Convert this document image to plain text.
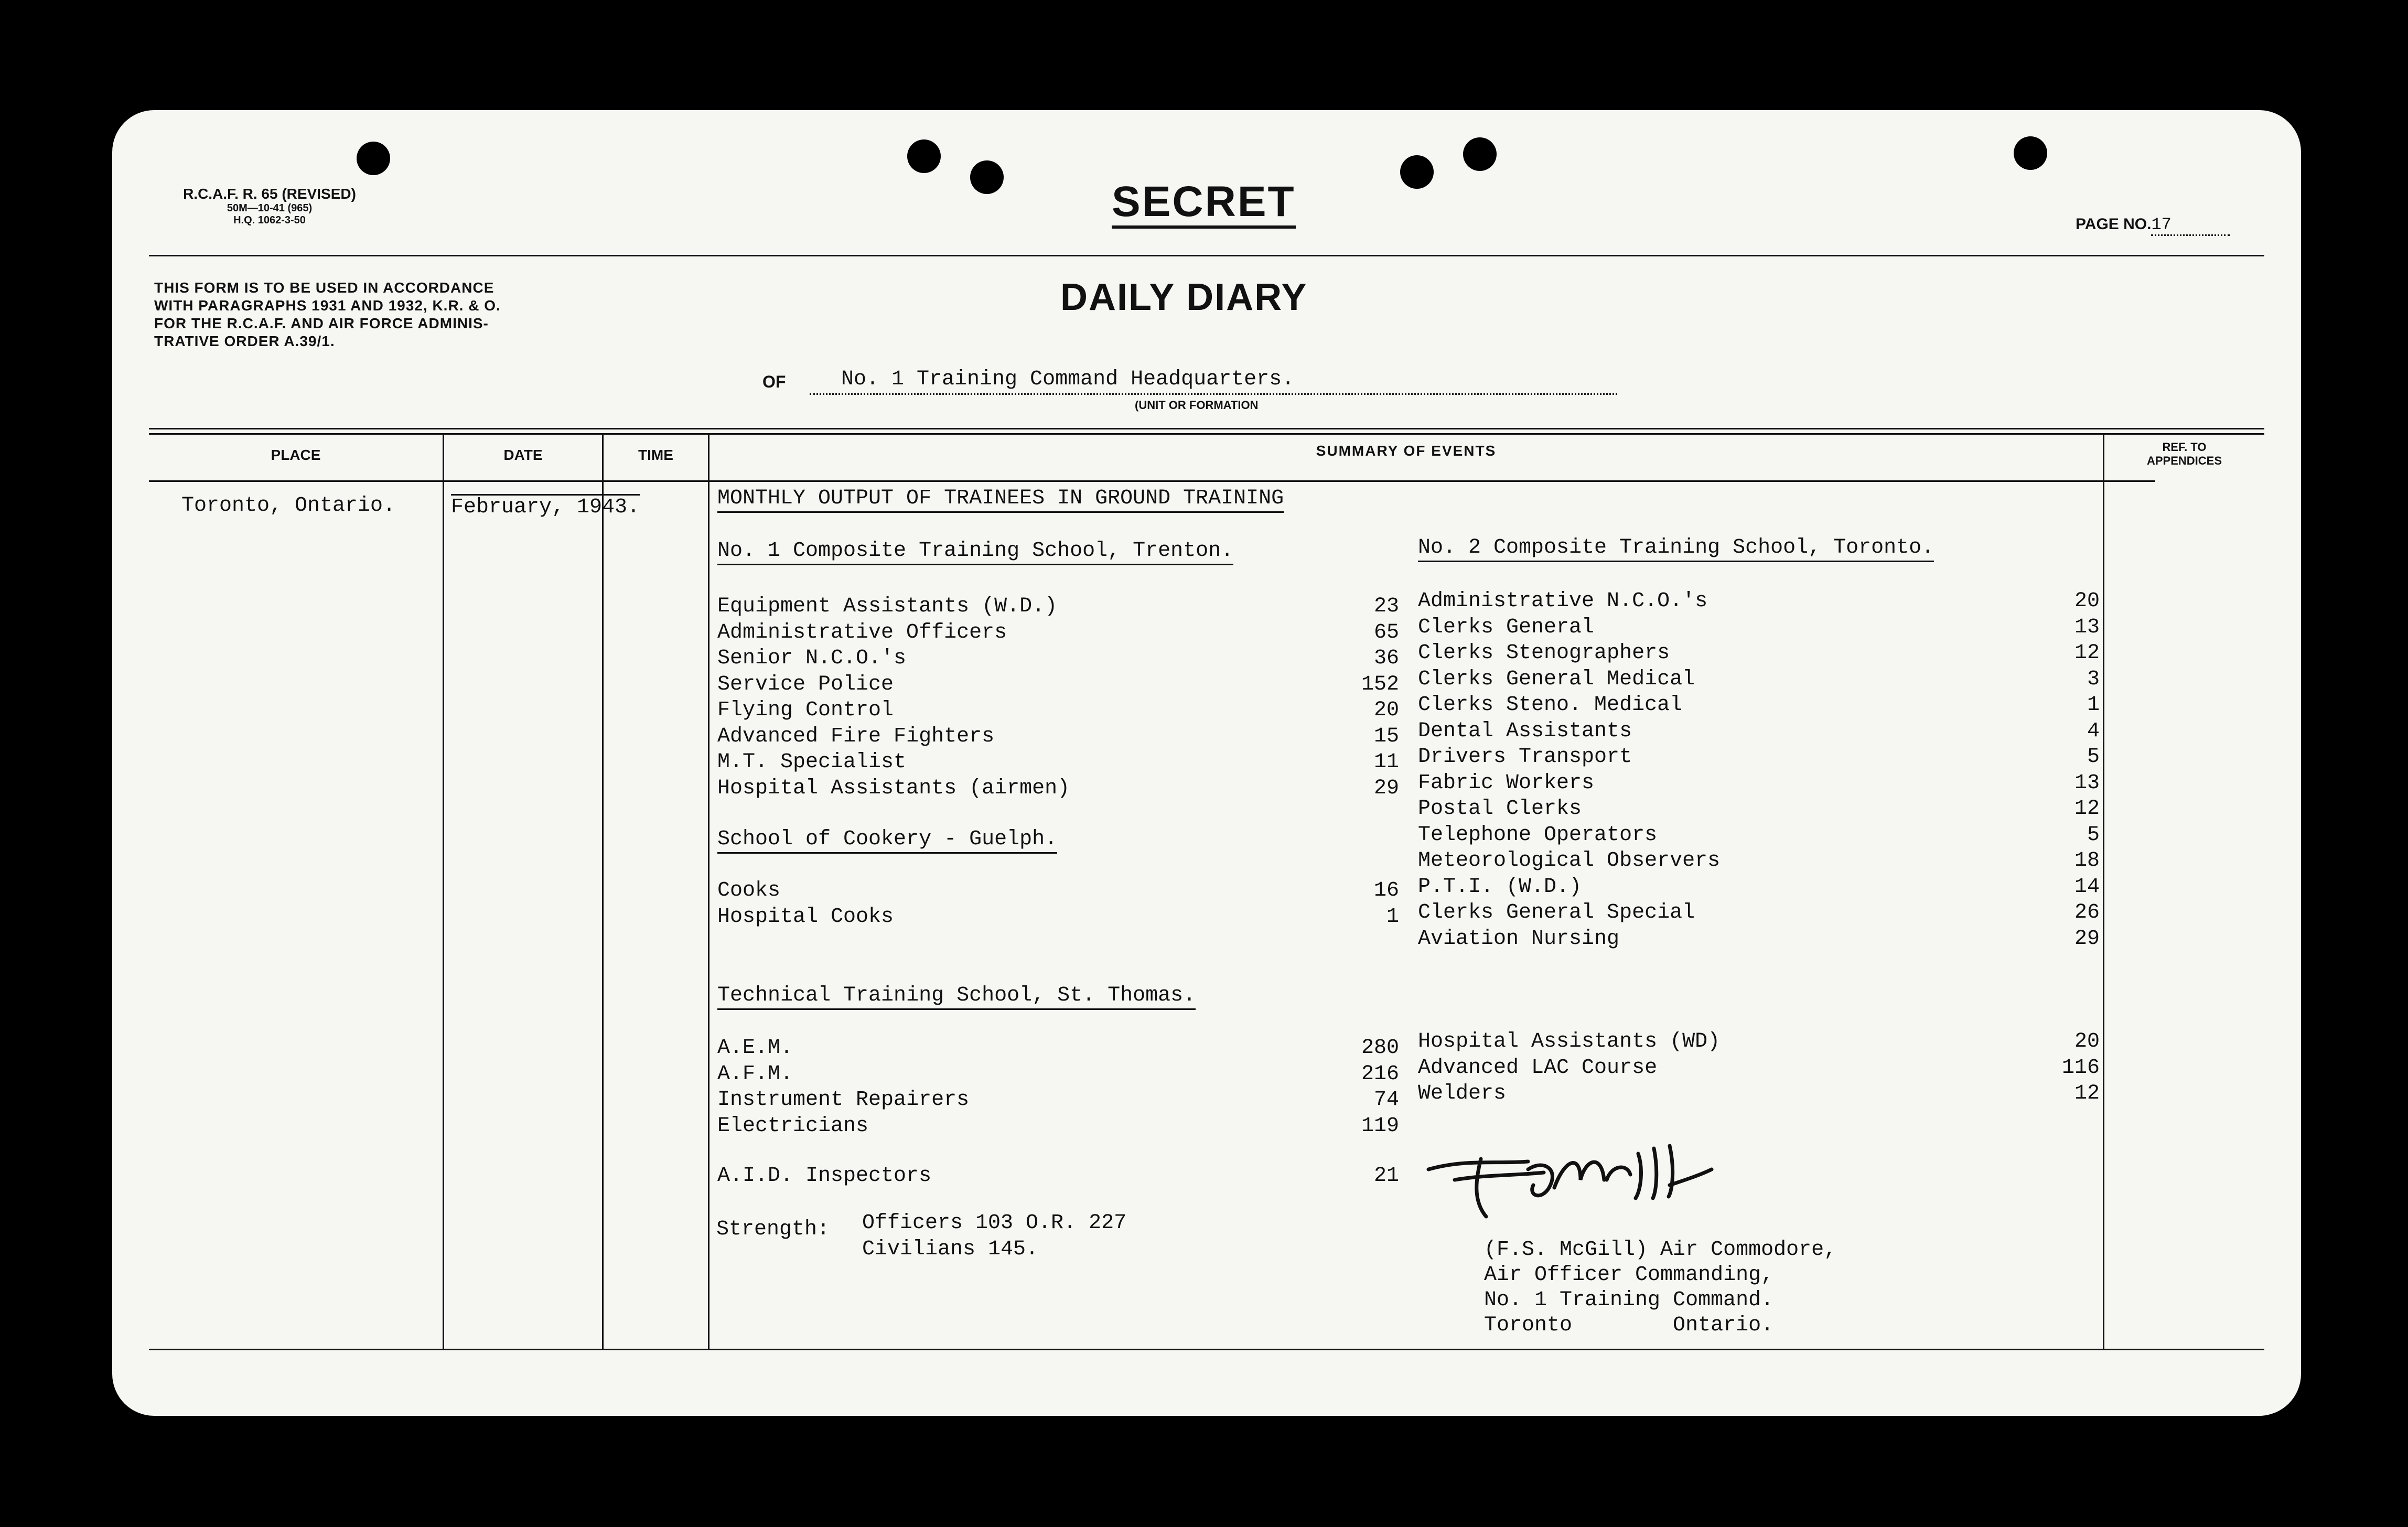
R.C.A.F. R. 65 (REVISED)
50M—10-41 (965)
H.Q. 1062-3-50	SECRET	PAGE NO.17
THIS FORM IS TO BE USED IN ACCORDANCE
WITH PARAGRAPHS 1931 AND 1932, K.R. & O.
FOR THE R.C.A.F. AND AIR FORCE ADMINIS-
TRATIVE ORDER A.39/1.
DAILY DIARY
OF	No. 1 Training Command Headquarters.
(UNIT OR FORMATION
PLACE	DATE	TIME	SUMMARY OF EVENTS	REF. TO
APPENDICES
Toronto, Ontario.	February, 1943.	MONTHLY OUTPUT OF TRAINEES IN GROUND TRAINING
No. 1 Composite Training School, Trenton.
Equipment Assistants (W.D.)	23
Administrative Officers	65
Senior N.C.O.'s	36
Service Police	152
Flying Control	20
Advanced Fire Fighters	15
M.T. Specialist	11
Hospital Assistants (airmen)	29
School of Cookery - Guelph.
Cooks	16
Hospital Cooks	1
No. 2 Composite Training School, Toronto.
Administrative N.C.O.'s	20
Clerks General	13
Clerks Stenographers	12
Clerks General Medical	3
Clerks Steno. Medical	1
Dental Assistants	4
Drivers Transport	5
Fabric Workers	13
Postal Clerks	12
Telephone Operators	5
Meteorological Observers	18
P.T.I. (W.D.)	14
Clerks General Special	26
Aviation Nursing	29
Technical Training School, St. Thomas.
A.E.M.	280
A.F.M.	216
Instrument Repairers	74
Electricians	119
Hospital Assistants (WD)	20
Advanced LAC Course	116
Welders	12
A.I.D. Inspectors	21
Strength: Officers 103 O.R. 227
Civilians 145.	(F.S. McGill) Air Commodore,
Air Officer Commanding,
No. 1 Training Command.
Toronto        Ontario.
